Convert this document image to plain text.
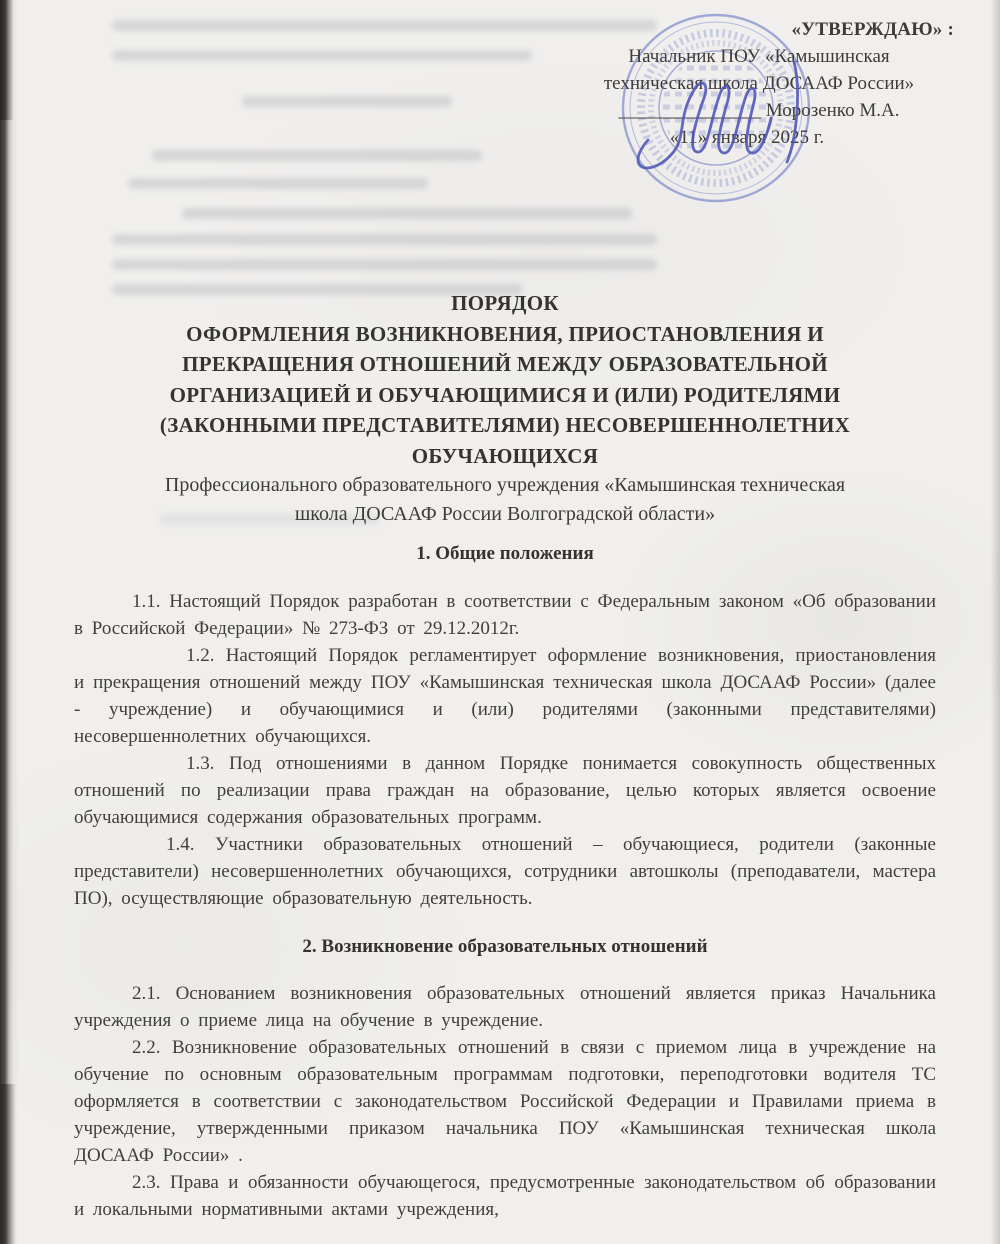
«УТВЕРЖДАЮ» :
Начальник ПОУ «Камышинская
техническая школа ДОСААФ России»
_______________ Морозенко М.А.
«11» января 2025 г.
ПОРЯДОК
ОФОРМЛЕНИЯ ВОЗНИКНОВЕНИЯ, ПРИОСТАНОВЛЕНИЯ И
ПРЕКРАЩЕНИЯ ОТНОШЕНИЙ МЕЖДУ ОБРАЗОВАТЕЛЬНОЙ
ОРГАНИЗАЦИЕЙ И ОБУЧАЮЩИМИСЯ И (ИЛИ) РОДИТЕЛЯМИ
(ЗАКОННЫМИ ПРЕДСТАВИТЕЛЯМИ) НЕСОВЕРШЕННОЛЕТНИХ
ОБУЧАЮЩИХСЯ
Профессионального образовательного учреждения «Камышинская техническая
школа ДОСААФ России Волгоградской области»
1. Общие положения

1.1. Настоящий Порядок разработан в соответствии с Федеральным законом «Об образовании в Российской Федерации» № 273-ФЗ от 29.12.2012г.

1.2. Настоящий Порядок регламентирует оформление возникновения, приостановления и прекращения отношений между ПОУ «Камышинская техническая школа ДОСААФ России» (далее - учреждение) и обучающимися и (или) родителями (законными представителями) несовершеннолетних обучающихся.

1.3. Под отношениями в данном Порядке понимается совокупность общественных отношений по реализации права граждан на образование, целью которых является освоение обучающимися содержания образовательных программ.

1.4. Участники образовательных отношений – обучающиеся, родители (законные представители) несовершеннолетних обучающихся, сотрудники автошколы (преподаватели, мастера ПО), осуществляющие образовательную деятельность.

2. Возникновение образовательных отношений

2.1. Основанием возникновения образовательных отношений является приказ Начальника учреждения о приеме лица на обучение в учреждение.

2.2. Возникновение образовательных отношений в связи с приемом лица в учреждение на обучение по основным образовательным программам подготовки, переподготовки водителя ТС оформляется в соответствии с законодательством Российской Федерации и Правилами приема в учреждение, утвержденными приказом начальника ПОУ «Камышинская техническая школа ДОСААФ России» .

2.3. Права и обязанности обучающегося, предусмотренные законодательством об образовании и локальными нормативными актами учреждения,
